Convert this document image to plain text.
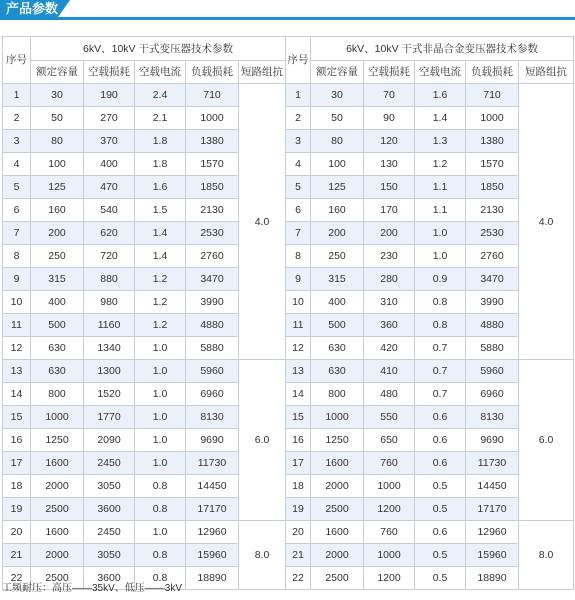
产品参数
序号	6kV、10kV 干式变压器技术参数					序号	6kV、10kV 干式非晶合金变压器技术参数				
	额定容量	空载损耗	空载电流	负载损耗	短路组抗		额定容量	空载损耗	空载电流	负载损耗	短路组抗
1	30	190	2.4	710	4.0	1	30	70	1.6	710	4.0
2	50	270	2.1	1000		2	50	90	1.4	1000	
3	80	370	1.8	1380		3	80	120	1.3	1380	
4	100	400	1.8	1570		4	100	130	1.2	1570	
5	125	470	1.6	1850		5	125	150	1.1	1850	
6	160	540	1.5	2130		6	160	170	1.1	2130	
7	200	620	1.4	2530		7	200	200	1.0	2530	
8	250	720	1.4	2760		8	250	230	1.0	2760	
9	315	880	1.2	3470		9	315	280	0.9	3470	
10	400	980	1.2	3990		10	400	310	0.8	3990	
11	500	1160	1.2	4880		11	500	360	0.8	4880	
12	630	1340	1.0	5880		12	630	420	0.7	5880	
13	630	1300	1.0	5960	6.0	13	630	410	0.7	5960	6.0
14	800	1520	1.0	6960		14	800	480	0.7	6960	
15	1000	1770	1.0	8130		15	1000	550	0.6	8130	
16	1250	2090	1.0	9690		16	1250	650	0.6	9690	
17	1600	2450	1.0	11730		17	1600	760	0.6	11730	
18	2000	3050	0.8	14450		18	2000	1000	0.5	14450	
19	2500	3600	0.8	17170		19	2500	1200	0.5	17170	
20	1600	2450	1.0	12960	8.0	20	1600	760	0.6	12960	8.0
21	2000	3050	0.8	15960		21	2000	1000	0.5	15960	
22	2500	3600	0.8	18890		22	2500	1200	0.5	18890	
工频耐压：高压——35kV、低压——3kV
